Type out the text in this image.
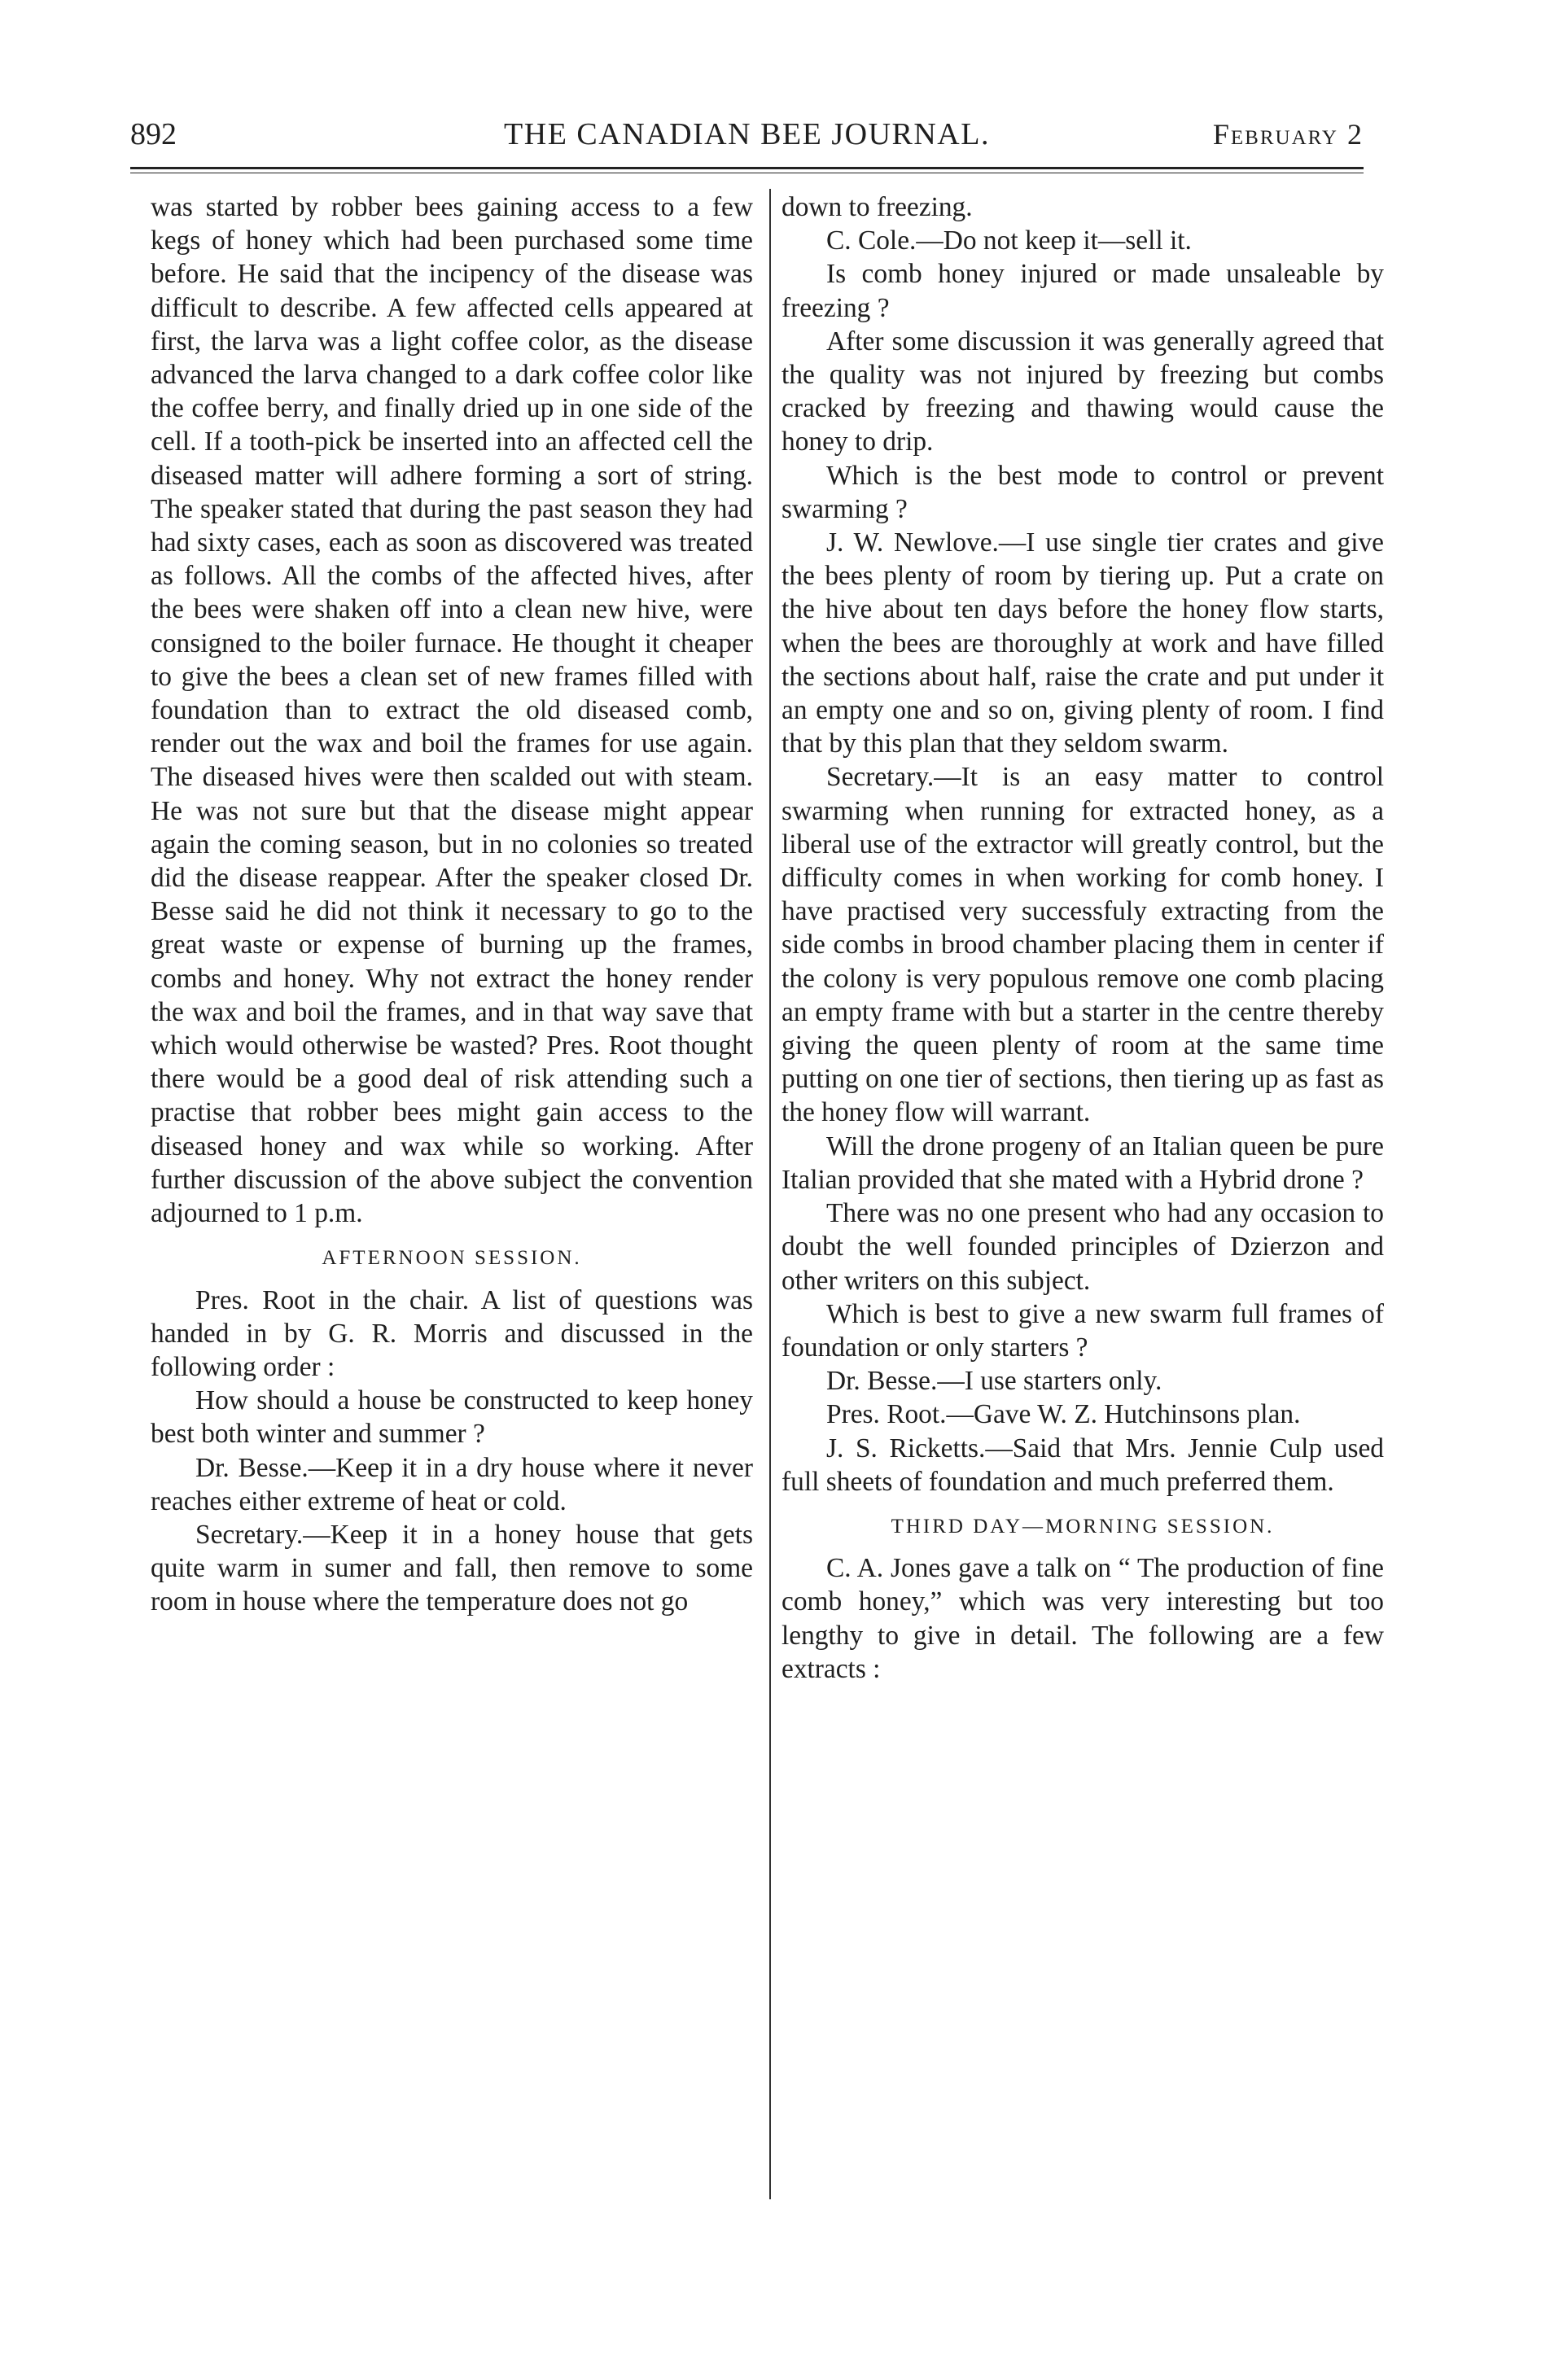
892	THE CANADIAN BEE JOURNAL.	February 2

was started by robber bees gaining access to a few kegs of honey which had been purchased some time before. He said that the incipency of the disease was difficult to describe. A few affected cells appeared at first, the larva was a light coffee color, as the disease advanced the larva changed to a dark coffee color like the coffee berry, and finally dried up in one side of the cell. If a tooth-pick be inserted into an affected cell the diseased matter will adhere forming a sort of string. The speaker stated that during the past season they had had sixty cases, each as soon as discovered was treated as follows. All the combs of the affected hives, after the bees were shaken off into a clean new hive, were consigned to the boiler furnace. He thought it cheaper to give the bees a clean set of new frames filled with foundation than to extract the old diseased comb, render out the wax and boil the frames for use again. The diseased hives were then scalded out with steam. He was not sure but that the disease might appear again the coming season, but in no colonies so treated did the disease reappear. After the speaker closed Dr. Besse said he did not think it necessary to go to the great waste or expense of burning up the frames, combs and honey. Why not extract the honey render the wax and boil the frames, and in that way save that which would otherwise be wasted? Pres. Root thought there would be a good deal of risk attending such a practise that robber bees might gain access to the diseased honey and wax while so working. After further discussion of the above subject the convention adjourned to 1 p.m.

AFTERNOON SESSION.

Pres. Root in the chair. A list of questions was handed in by G. R. Morris and discussed in the following order :

How should a house be constructed to keep honey best both winter and summer ?

Dr. Besse.—Keep it in a dry house where it never reaches either extreme of heat or cold.

Secretary.—Keep it in a honey house that gets quite warm in sumer and fall, then remove to some room in house where the temperature does not go

down to freezing.

C. Cole.—Do not keep it—sell it.

Is comb honey injured or made unsaleable by freezing ?

After some discussion it was generally agreed that the quality was not injured by freezing but combs cracked by freezing and thawing would cause the honey to drip.

Which is the best mode to control or prevent swarming ?

J. W. Newlove.—I use single tier crates and give the bees plenty of room by tiering up. Put a crate on the hive about ten days before the honey flow starts, when the bees are thoroughly at work and have filled the sections about half, raise the crate and put under it an empty one and so on, giving plenty of room. I find that by this plan that they seldom swarm.

Secretary.—It is an easy matter to control swarming when running for extracted honey, as a liberal use of the extractor will greatly control, but the difficulty comes in when working for comb honey. I have practised very successfuly extracting from the side combs in brood chamber placing them in center if the colony is very populous remove one comb placing an empty frame with but a starter in the centre thereby giving the queen plenty of room at the same time putting on one tier of sections, then tiering up as fast as the honey flow will warrant.

Will the drone progeny of an Italian queen be pure Italian provided that she mated with a Hybrid drone ?

There was no one present who had any occasion to doubt the well founded principles of Dzierzon and other writers on this subject.

Which is best to give a new swarm full frames of foundation or only starters ?

Dr. Besse.—I use starters only.

Pres. Root.—Gave W. Z. Hutchinsons plan.

J. S. Ricketts.—Said that Mrs. Jennie Culp used full sheets of foundation and much preferred them.

THIRD DAY—MORNING SESSION.

C. A. Jones gave a talk on “ The production of fine comb honey,” which was very interesting but too lengthy to give in detail. The following are a few extracts :
